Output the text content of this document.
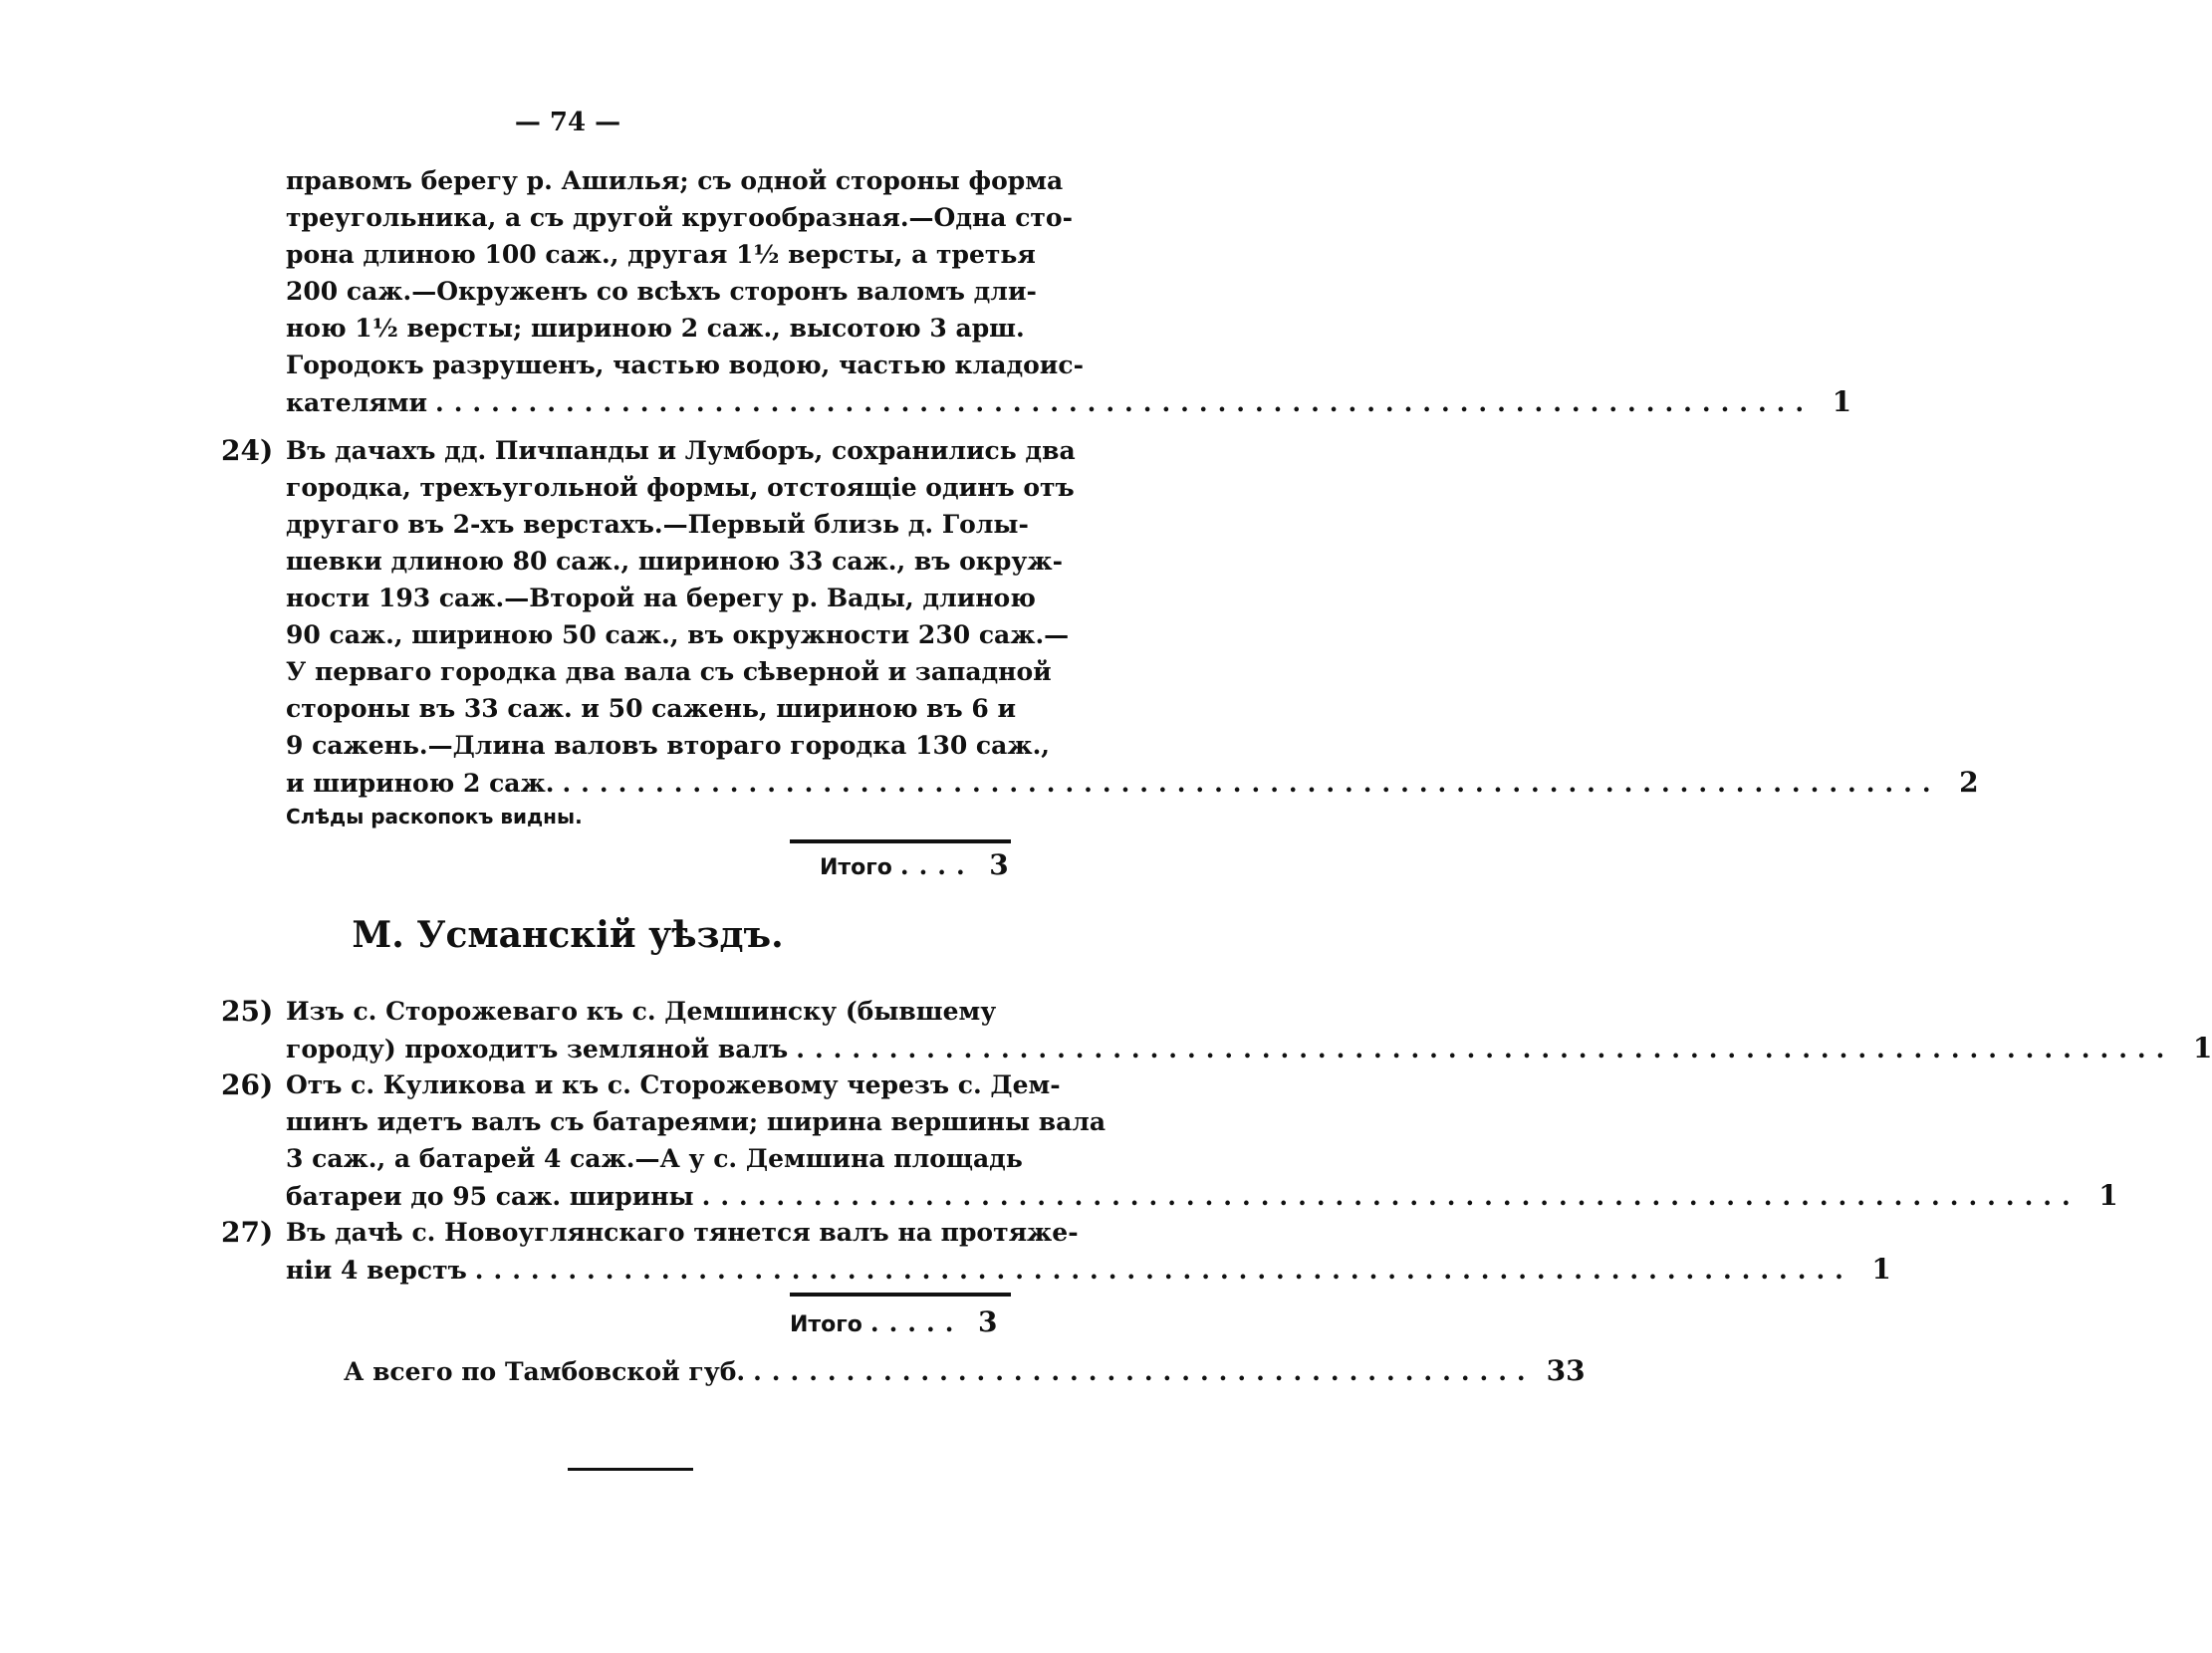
— 74 —
правомъ берегу р. Ашилья; съ одной стороны форма
треугольника, а съ другой кругообразная.—Одна сто-
рона длиною 100 саж., другая 1½ версты, а третья
200 саж.—Окруженъ со всѣхъ сторонъ валомъ дли-
ною 1½ версты; шириною 2 саж., высотою 3 арш.
Городокъ разрушенъ, частью водою, частью кладоис-
кателями .......................................................................... 1
24) Въ дачахъ дд. Пичпанды и Лумборъ, сохранились два
городка, трехъугольной формы, отстоящіе одинъ отъ
другаго въ 2-хъ верстахъ.—Первый близь д. Голы-
шевки длиною 80 саж., шириною 33 саж., въ окруж-
ности 193 саж.—Второй на берегу р. Вады, длиною
90 саж., шириною 50 саж., въ окружности 230 саж.—
У перваго городка два вала съ сѣверной и западной
стороны въ 33 саж. и 50 сажень, шириною въ 6 и
9 сажень.—Длина валовъ втораго городка 130 саж.,
и шириною 2 саж. .......................................................................... 2
Слѣды раскопокъ видны.
Итого .... 3
М. Усманскій уѣздъ.
25) Изъ с. Сторожеваго къ с. Демшинску (бывшему
городу) проходитъ земляной валъ .......................................................................... 1
26) Отъ с. Куликова и къ с. Сторожевому черезъ с. Дем-
шинъ идетъ валъ съ батареями; ширина вершины вала
3 саж., а батарей 4 саж.—А у с. Демшина площадь
батареи до 95 саж. ширины .......................................................................... 1
27) Въ дачѣ с. Новоуглянскаго тянется валъ на протяже-
ніи 4 верстъ .......................................................................... 1
Итого ..... 3
А всего по Тамбовской губ. .......................................... 33
